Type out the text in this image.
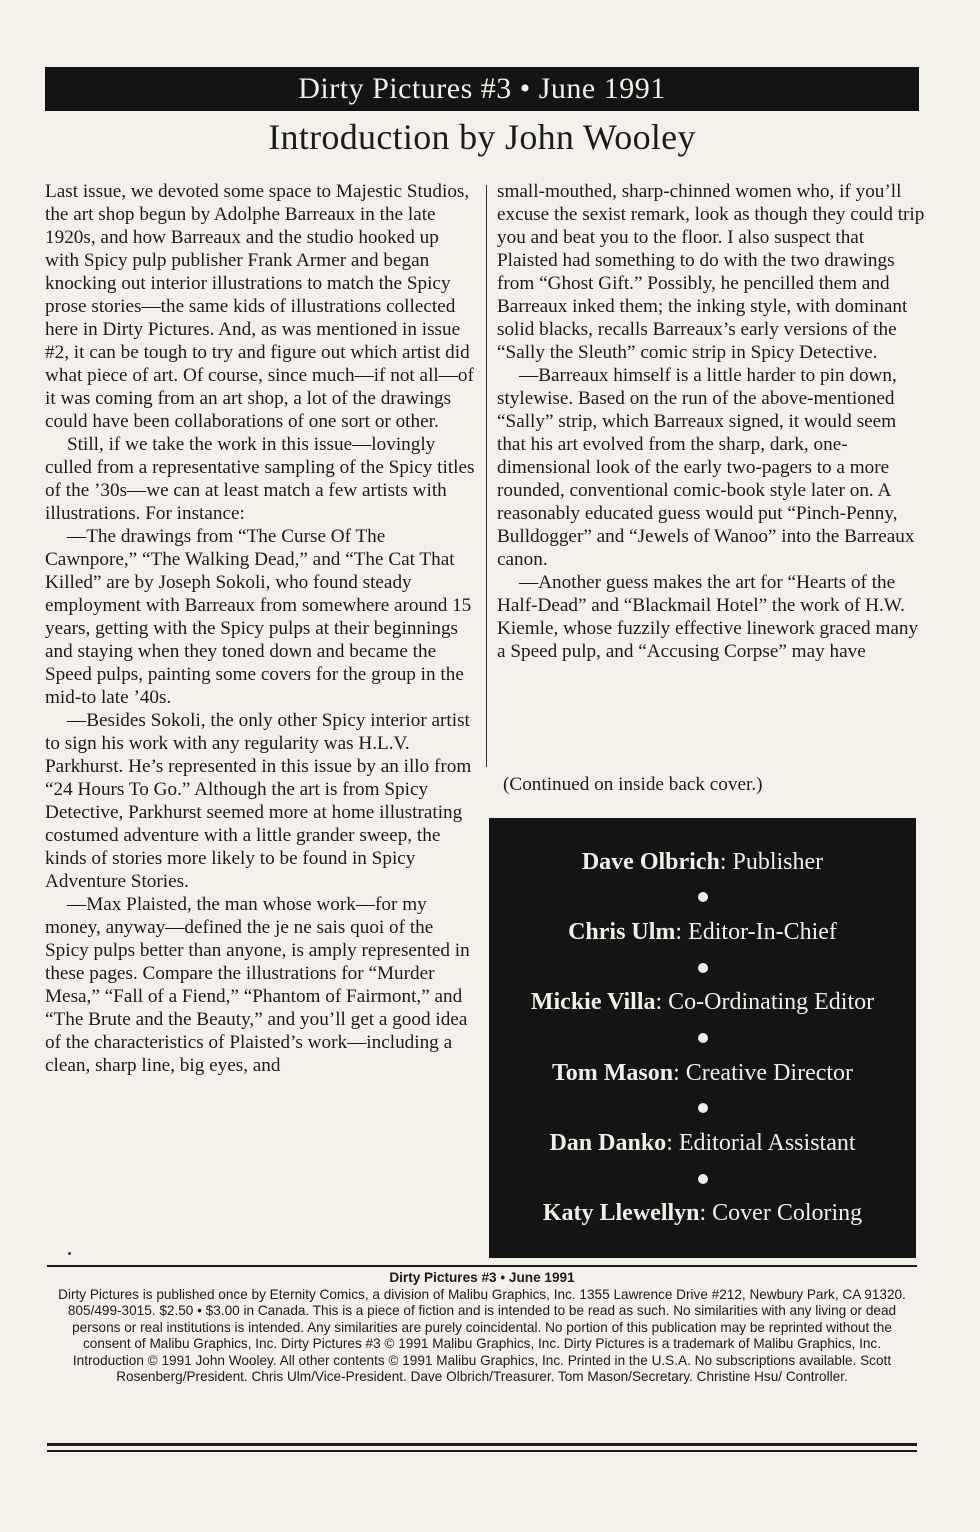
Dirty Pictures #3 • June 1991
Introduction by John Wooley

Last issue, we devoted some space to Majestic Studios, the art shop begun by Adolphe Barreaux in the late 1920s, and how Barreaux and the studio hooked up with Spicy pulp publisher Frank Armer and began knocking out interior illustrations to match the Spicy prose stories—the same kids of illustrations collected here in Dirty Pictures. And, as was mentioned in issue #2, it can be tough to try and figure out which artist did what piece of art. Of course, since much—if not all—of it was coming from an art shop, a lot of the drawings could have been collaborations of one sort or other.

Still, if we take the work in this issue—lovingly culled from a representative sampling of the Spicy titles of the ’30s—we can at least match a few artists with illustrations. For instance:

—The drawings from “The Curse Of The Cawnpore,” “The Walking Dead,” and “The Cat That Killed” are by Joseph Sokoli, who found steady employment with Barreaux from somewhere around 15 years, getting with the Spicy pulps at their beginnings and staying when they toned down and became the Speed pulps, painting some covers for the group in the mid-to late ’40s.

—Besides Sokoli, the only other Spicy interior artist to sign his work with any regularity was H.L.V. Parkhurst. He’s represented in this issue by an illo from “24 Hours To Go.” Although the art is from Spicy Detective, Parkhurst seemed more at home illustrating costumed adventure with a little grander sweep, the kinds of stories more likely to be found in Spicy Adventure Stories.

—Max Plaisted, the man whose work—for my money, anyway—defined the je ne sais quoi of the Spicy pulps better than anyone, is amply represented in these pages. Compare the illustrations for “Murder Mesa,” “Fall of a Fiend,” “Phantom of Fairmont,” and “The Brute and the Beauty,” and you’ll get a good idea of the characteristics of Plaisted’s work—including a clean, sharp line, big eyes, and

small-mouthed, sharp-chinned women who, if you’ll excuse the sexist remark, look as though they could trip you and beat you to the floor. I also suspect that Plaisted had something to do with the two drawings from “Ghost Gift.” Possibly, he pencilled them and Barreaux inked them; the inking style, with dominant solid blacks, recalls Barreaux’s early versions of the “Sally the Sleuth” comic strip in Spicy Detective.

—Barreaux himself is a little harder to pin down, stylewise. Based on the run of the above-mentioned “Sally” strip, which Barreaux signed, it would seem that his art evolved from the sharp, dark, one-dimensional look of the early two-pagers to a more rounded, conventional comic-book style later on. A reasonably educated guess would put “Pinch-Penny, Bulldogger” and “Jewels of Wanoo” into the Barreaux canon.

—Another guess makes the art for “Hearts of the Half-Dead” and “Blackmail Hotel” the work of H.W. Kiemle, whose fuzzily effective linework graced many a Speed pulp, and “Accusing Corpse” may have

(Continued on inside back cover.)
Dave Olbrich: Publisher
Chris Ulm: Editor-In-Chief
Mickie Villa: Co-Ordinating Editor
Tom Mason: Creative Director
Dan Danko: Editorial Assistant
Katy Llewellyn: Cover Coloring

Dirty Pictures #3 • June 1991

Dirty Pictures is published once by Eternity Comics, a division of Malibu Graphics, Inc. 1355 Lawrence Drive #212, Newbury Park, CA 91320. 805/499-3015. $2.50 • $3.00 in Canada. This is a piece of fiction and is intended to be read as such. No similarities with any living or dead persons or real institutions is intended. Any similarities are purely coincidental. No portion of this publication may be reprinted without the consent of Malibu Graphics, Inc. Dirty Pictures #3 © 1991 Malibu Graphics, Inc. Dirty Pictures is a trademark of Malibu Graphics, Inc. Introduction © 1991 John Wooley. All other contents © 1991 Malibu Graphics, Inc. Printed in the U.S.A. No subscriptions available. Scott Rosenberg/President. Chris Ulm/Vice-President. Dave Olbrich/Treasurer. Tom Mason/Secretary. Christine Hsu/ Controller.
